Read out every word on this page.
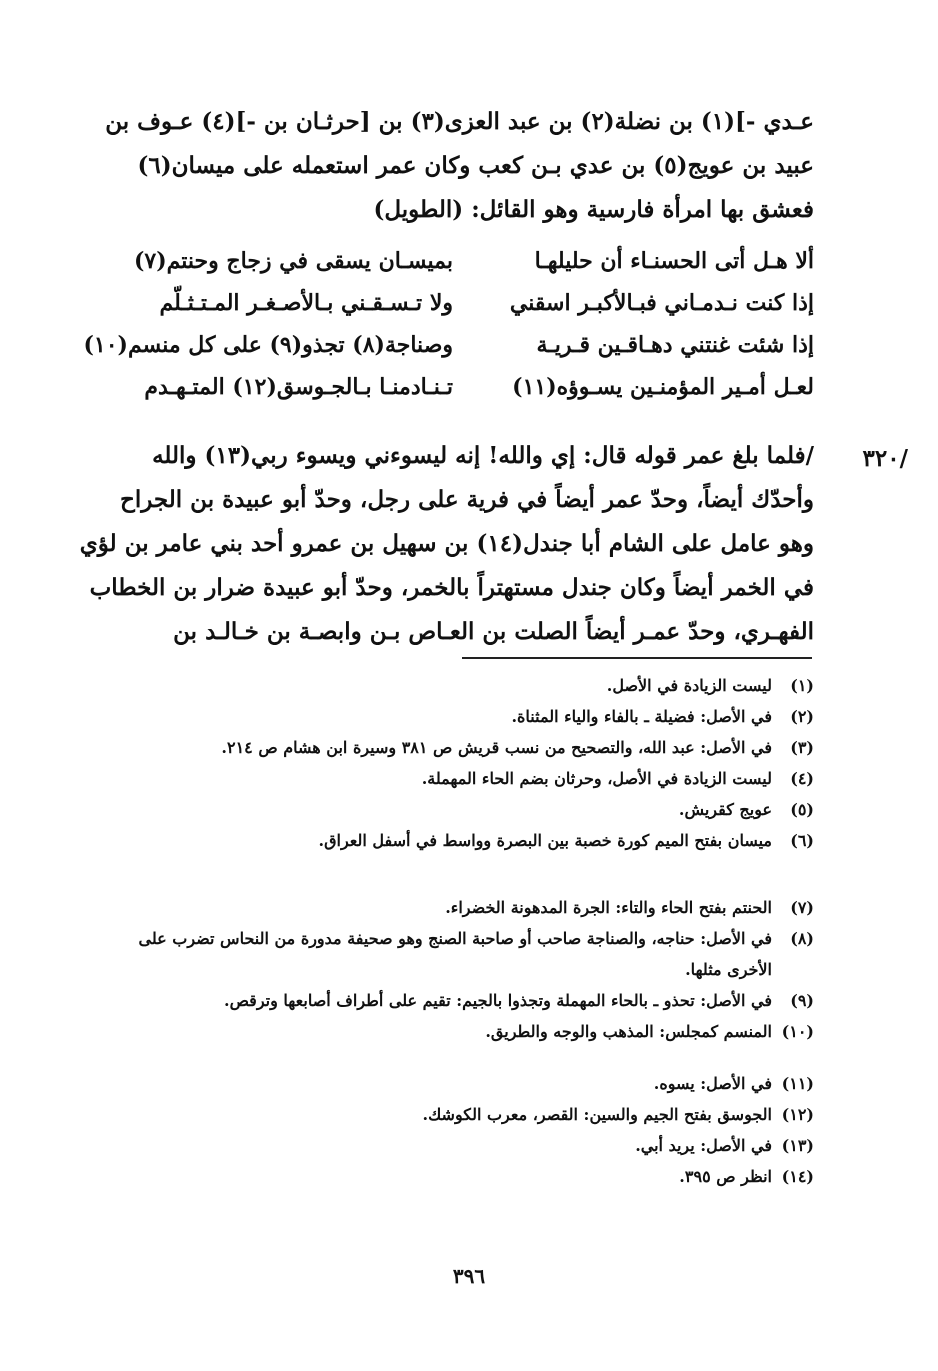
عـدي -](١) بن نضلة(٢) بن عبد العزى(٣) بن [حرثـان بن -](٤) عـوف بن
عبيد بن عويج(٥) بن عدي بـن كعب وكان عمر استعمله على ميسان(٦)
فعشق بها امرأة فارسية وهو القائل: (الطويل)
ألا هـل أتى الحسنـاء أن حليلهـا
بميسـان يسقى في زجاج وحنتم(٧)
إذا كنت نـدمـاني فبـالأكبـر اسقني
ولا تـسـقـني بـالأصـغـر المـتـثـلّم
إذا شئت غنتني دهـاقـين قـريـة
وصناجة(٨) تجذو(٩) على كل منسم(١٠)
لعـل أمـير المؤمنـين يسـوؤه(١١)
تـنـادمنـا بـالجـوسق(١٢) المتـهـدم
/٣٢٠
/فلما بلغ عمر قوله قال: إي والله! إنه ليسوءني ويسوء ربي(١٣) والله
وأحدّك أيضاً، وحدّ عمر أيضاً في فرية على رجل، وحدّ أبو عبيدة بن الجراح
وهو عامل على الشام أبا جندل(١٤) بن سهيل بن عمرو أحد بني عامر بن لؤي
في الخمر أيضاً وكان جندل مستهتراً بالخمر، وحدّ أبو عبيدة ضرار بن الخطاب
الفهـري، وحدّ عمـر أيضاً الصلت بن العـاص بـن وابصـة بن خـالـد بن
(١)
ليست الزيادة في الأصل.
(٢)
في الأصل: فضيلة ـ بالفاء والياء المثناة.
(٣)
في الأصل: عبد الله، والتصحيح من نسب قريش ص ٣٨١ وسيرة ابن هشام ص ٢١٤.
(٤)
ليست الزيادة في الأصل، وحرثان بضم الحاء المهملة.
(٥)
عويج كقريش.
(٦)
ميسان بفتح الميم كورة خصبة بين البصرة وواسط في أسفل العراق.
(٧)
الحنتم بفتح الحاء والتاء: الجرة المدهونة الخضراء.
(٨)
في الأصل: حناجه، والصناجة صاحب أو صاحبة الصنج وهو صحيفة مدورة من النحاس تضرب على الأخرى مثلها.
(٩)
في الأصل: تحذو ـ بالحاء المهملة وتجذوا بالجيم: تقيم على أطراف أصابعها وترقص.
(١٠)
المنسم كمجلس: المذهب والوجه والطريق.
(١١)
في الأصل: يسوه.
(١٢)
الجوسق بفتح الجيم والسين: القصر، معرب الكوشك.
(١٣)
في الأصل: يريد أبي.
(١٤)
انظر ص ٣٩٥.
٣٩٦
